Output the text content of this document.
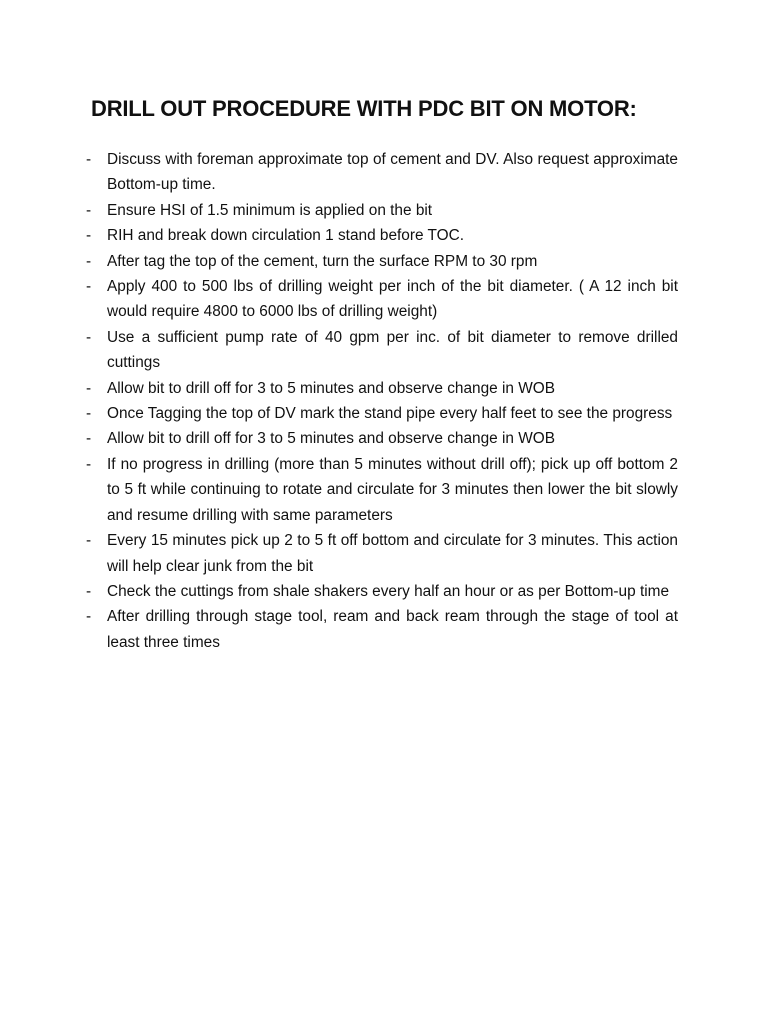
DRILL OUT PROCEDURE WITH PDC BIT ON MOTOR:
- Discuss with foreman approximate top of cement and DV. Also request approximate Bottom-up time.
- Ensure HSI of 1.5 minimum is applied on the bit
- RIH and break down circulation 1 stand before TOC.
- After tag the top of the cement, turn the surface RPM to 30 rpm
- Apply 400 to 500 lbs of drilling weight per inch of the bit diameter. ( A 12 inch bit would require 4800 to 6000 lbs of drilling weight)
- Use a sufficient pump rate of 40 gpm per inc. of bit diameter to remove drilled cuttings
- Allow bit to drill off for 3 to 5 minutes and observe change in WOB
- Once Tagging the top of DV mark the stand pipe every half feet to see the progress
- Allow bit to drill off for 3 to 5 minutes and observe change in WOB
- If no progress in drilling (more than 5 minutes without drill off); pick up off bottom 2 to 5 ft while continuing to rotate and circulate for 3 minutes then lower the bit slowly and resume drilling with same parameters
- Every 15 minutes pick up 2 to 5 ft off bottom and circulate for 3 minutes. This action will help clear junk from the bit
- Check the cuttings from shale shakers every half an hour or as per Bottom-up time
- After drilling through stage tool, ream and back ream through the stage of tool at least three times
